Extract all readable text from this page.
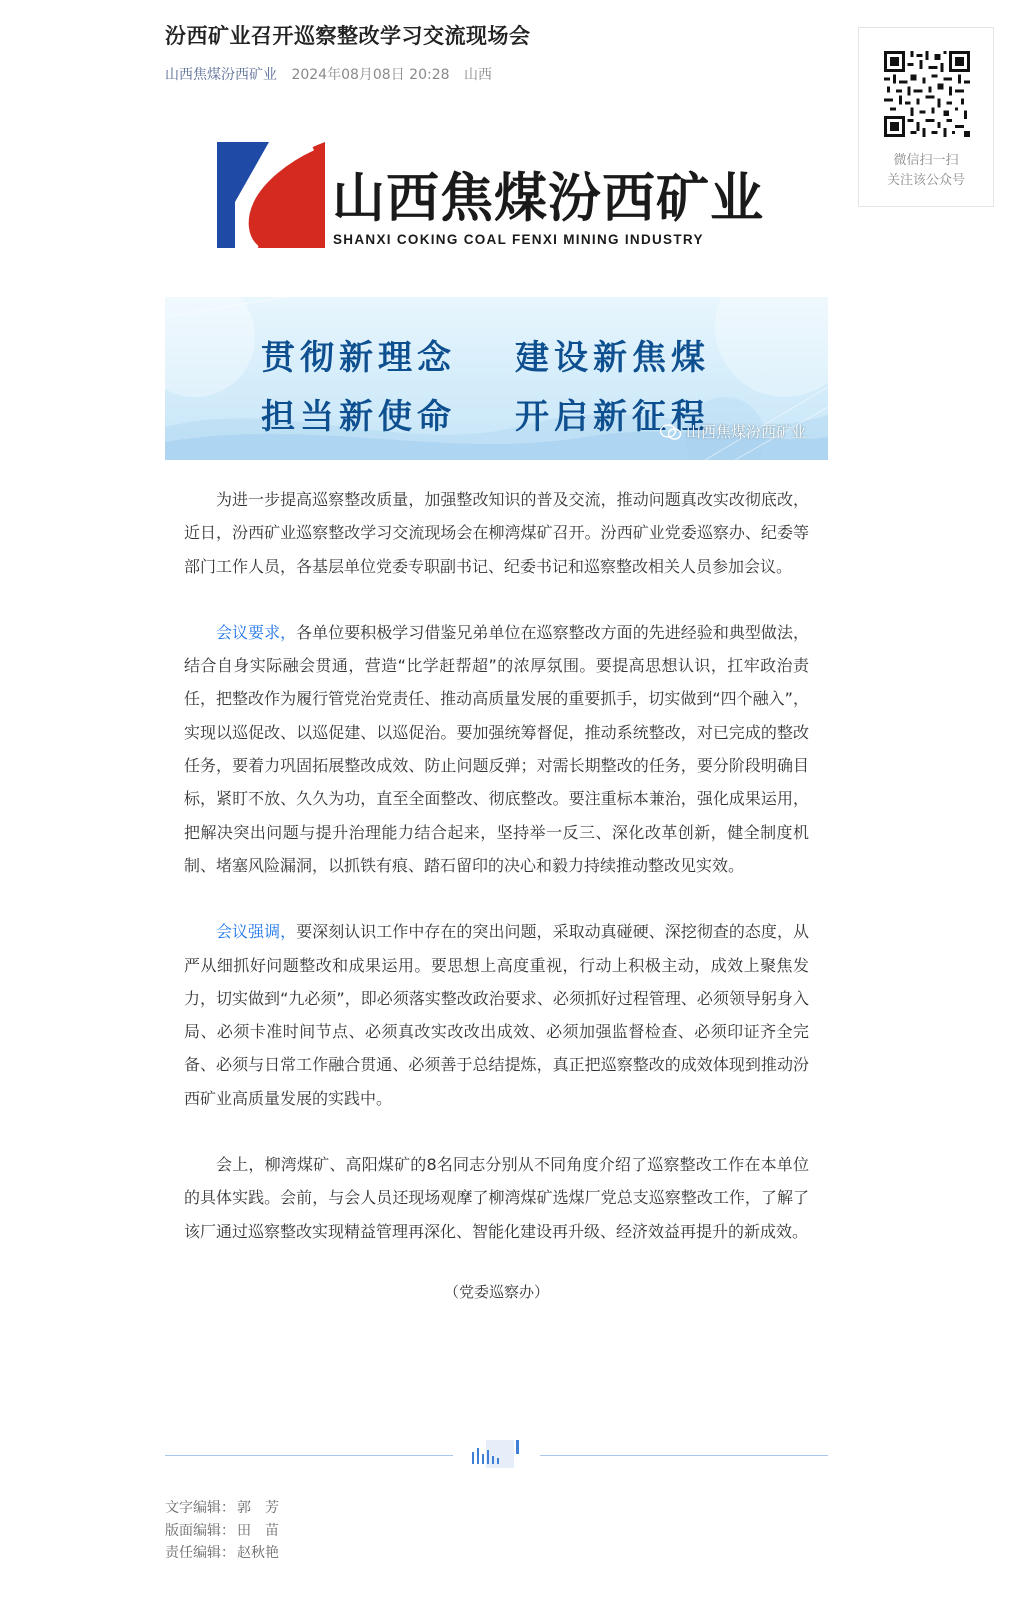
汾西矿业召开巡察整改学习交流现场会
山西焦煤汾西矿业 2024年08月08日 20:28 山西
山西焦煤汾西矿业
SHANXI COKING COAL FENXI MINING INDUSTRY
贯彻新理念 建设新焦煤
担当新使命 开启新征程
山西焦煤汾西矿业

为进一步提高巡察整改质量，加强整改知识的普及交流，推动问题真改实改彻底改，近日，汾西矿业巡察整改学习交流现场会在柳湾煤矿召开。汾西矿业党委巡察办、纪委等部门工作人员，各基层单位党委专职副书记、纪委书记和巡察整改相关人员参加会议。

会议要求，各单位要积极学习借鉴兄弟单位在巡察整改方面的先进经验和典型做法，结合自身实际融会贯通，营造“比学赶帮超”的浓厚氛围。要提高思想认识，扛牢政治责任，把整改作为履行管党治党责任、推动高质量发展的重要抓手，切实做到“四个融入”，实现以巡促改、以巡促建、以巡促治。要加强统筹督促，推动系统整改，对已完成的整改任务，要着力巩固拓展整改成效、防止问题反弹；对需长期整改的任务，要分阶段明确目标，紧盯不放、久久为功，直至全面整改、彻底整改。要注重标本兼治，强化成果运用，把解决突出问题与提升治理能力结合起来，坚持举一反三、深化改革创新，健全制度机制、堵塞风险漏洞，以抓铁有痕、踏石留印的决心和毅力持续推动整改见实效。

会议强调，要深刻认识工作中存在的突出问题，采取动真碰硬、深挖彻查的态度，从严从细抓好问题整改和成果运用。要思想上高度重视，行动上积极主动，成效上聚焦发力，切实做到“九必须”，即必须落实整改政治要求、必须抓好过程管理、必须领导躬身入局、必须卡准时间节点、必须真改实改改出成效、必须加强监督检查、必须印证齐全完备、必须与日常工作融合贯通、必须善于总结提炼，真正把巡察整改的成效体现到推动汾西矿业高质量发展的实践中。

会上，柳湾煤矿、高阳煤矿的8名同志分别从不同角度介绍了巡察整改工作在本单位的具体实践。会前，与会人员还现场观摩了柳湾煤矿选煤厂党总支巡察整改工作，了解了该厂通过巡察整改实现精益管理再深化、智能化建设再升级、经济效益再提升的新成效。

（党委巡察办）
文字编辑： 郭　芳
版面编辑： 田　苗
责任编辑： 赵秋艳
微信扫一扫
关注该公众号
